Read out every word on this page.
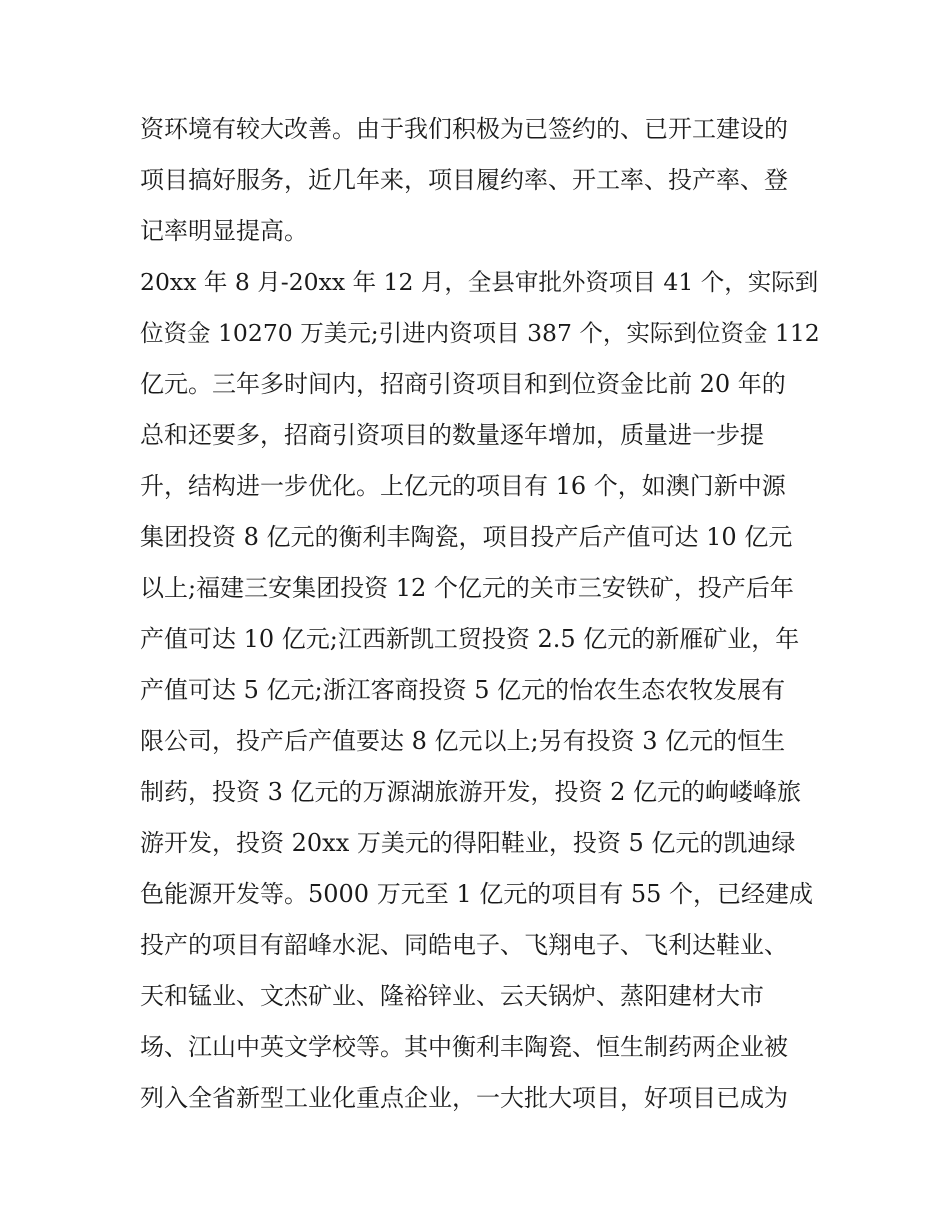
资环境有较大改善。由于我们积极为已签约的、已开工建设的
项目搞好服务，近几年来，项目履约率、开工率、投产率、登
记率明显提高。
20xx 年 8 月-20xx 年 12 月，全县审批外资项目 41 个，实际到
位资金 10270 万美元;引进内资项目 387 个，实际到位资金 112
亿元。三年多时间内，招商引资项目和到位资金比前 20 年的
总和还要多，招商引资项目的数量逐年增加，质量进一步提
升，结构进一步优化。上亿元的项目有 16 个，如澳门新中源
集团投资 8 亿元的衡利丰陶瓷，项目投产后产值可达 10 亿元
以上;福建三安集团投资 12 个亿元的关市三安铁矿，投产后年
产值可达 10 亿元;江西新凯工贸投资 2.5 亿元的新雁矿业，年
产值可达 5 亿元;浙江客商投资 5 亿元的怡农生态农牧发展有
限公司，投产后产值要达 8 亿元以上;另有投资 3 亿元的恒生
制药，投资 3 亿元的万源湖旅游开发，投资 2 亿元的岣嵝峰旅
游开发，投资 20xx 万美元的得阳鞋业，投资 5 亿元的凯迪绿
色能源开发等。5000 万元至 1 亿元的项目有 55 个，已经建成
投产的项目有韶峰水泥、同皓电子、飞翔电子、飞利达鞋业、
天和锰业、文杰矿业、隆裕锌业、云天锅炉、蒸阳建材大市
场、江山中英文学校等。其中衡利丰陶瓷、恒生制药两企业被
列入全省新型工业化重点企业，一大批大项目，好项目已成为
